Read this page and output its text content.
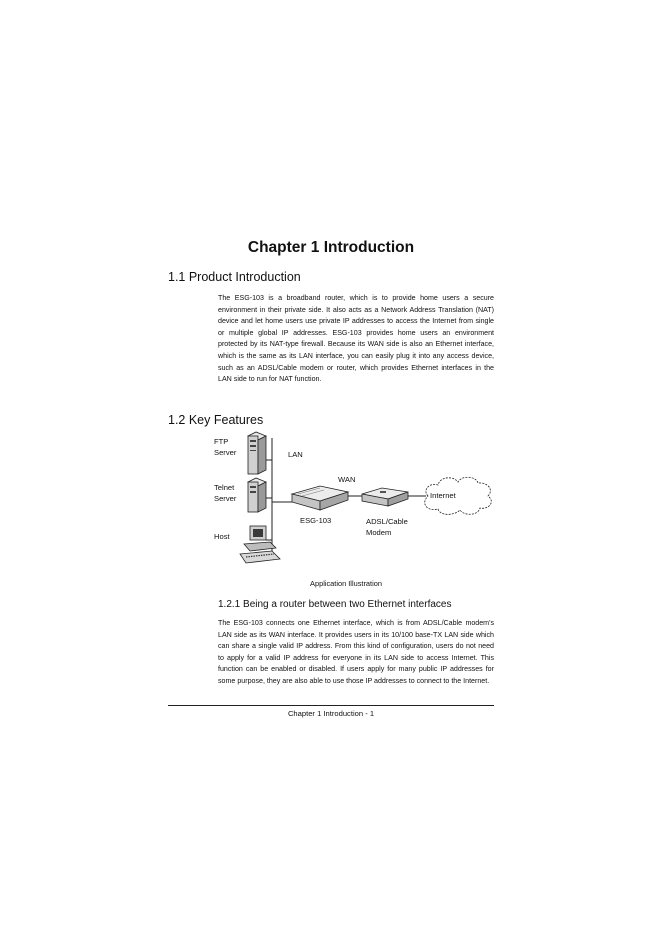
Chapter 1 Introduction
1.1 Product Introduction

The ESG-103 is a broadband router, which is to provide home users a secure environment in their private side. It also acts as a Network Address Translation (NAT) device and let home users use private IP addresses to access the Internet from single or multiple global IP addresses. ESG-103 provides home users an environment protected by its NAT-type firewall. Because its WAN side is also an Ethernet interface, which is the same as its LAN interface, you can easily plug it into any access device, such as an ADSL/Cable modem or router, which provides Ethernet interfaces in the LAN side to run for NAT function.

1.2 Key Features
FTP
Server	LAN
WAN
Telnet
Server	Internet
ESG-103	ADSL/Cable
Modem
Host
Application Illustration
1.2.1 Being a router between two Ethernet interfaces

The ESG-103 connects one Ethernet interface, which is from ADSL/Cable modem's LAN side as its WAN interface. It provides users in its 10/100 base-TX LAN side which can share a single valid IP address. From this kind of configuration, users do not need to apply for a valid IP address for everyone in its LAN side to access Internet. This function can be enabled or disabled. If users apply for many public IP addresses for some purpose, they are also able to use those IP addresses to connect to the Internet.

Chapter 1 Introduction - 1
